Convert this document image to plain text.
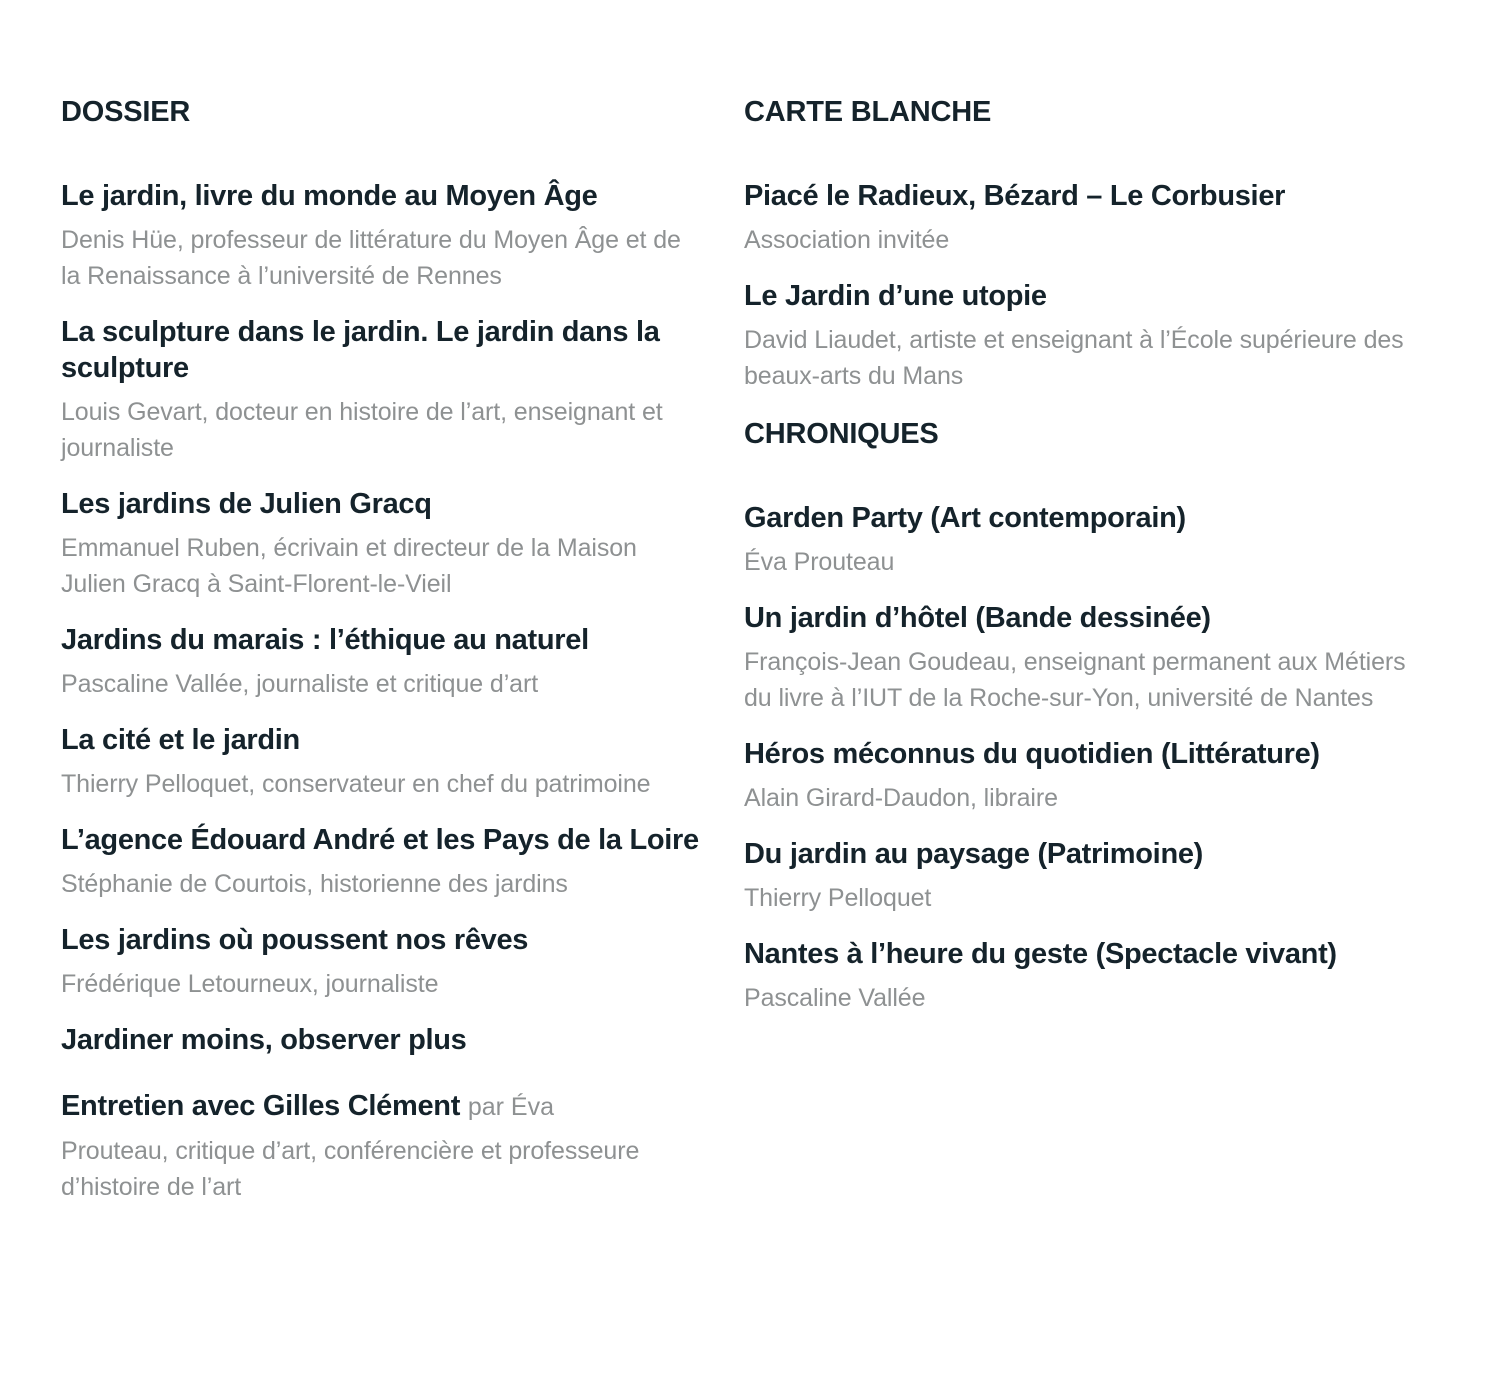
DOSSIER
Le jardin, livre du monde au Moyen Âge

Denis Hüe, professeur de littérature du Moyen Âge et de la Renaissance à l’université de Rennes

La sculpture dans le jardin. Le jardin dans la sculpture

Louis Gevart, docteur en histoire de l’art, enseignant et journaliste

Les jardins de Julien Gracq

Emmanuel Ruben, écrivain et directeur de la Maison Julien Gracq à Saint-Florent-le-Vieil

Jardins du marais : l’éthique au naturel

Pascaline Vallée, journaliste et critique d’art

La cité et le jardin

Thierry Pelloquet, conservateur en chef du patrimoine

L’agence Édouard André et les Pays de la Loire

Stéphanie de Courtois, historienne des jardins

Les jardins où poussent nos rêves

Frédérique Letourneux, journaliste

Jardiner moins, observer plus
Entretien avec Gilles Clément par Éva

Prouteau, critique d’art, conférencière et professeure d’histoire de l’art

CARTE BLANCHE
Piacé le Radieux, Bézard – Le Corbusier

Association invitée

Le Jardin d’une utopie

David Liaudet, artiste et enseignant à l’École supérieure des beaux-arts du Mans

CHRONIQUES
Garden Party (Art contemporain)

Éva Prouteau

Un jardin d’hôtel (Bande dessinée)

François-Jean Goudeau, enseignant permanent aux Métiers du livre à l’IUT de la Roche-sur-Yon, université de Nantes

Héros méconnus du quotidien (Littérature)

Alain Girard-Daudon, libraire

Du jardin au paysage (Patrimoine)

Thierry Pelloquet

Nantes à l’heure du geste (Spectacle vivant)

Pascaline Vallée
